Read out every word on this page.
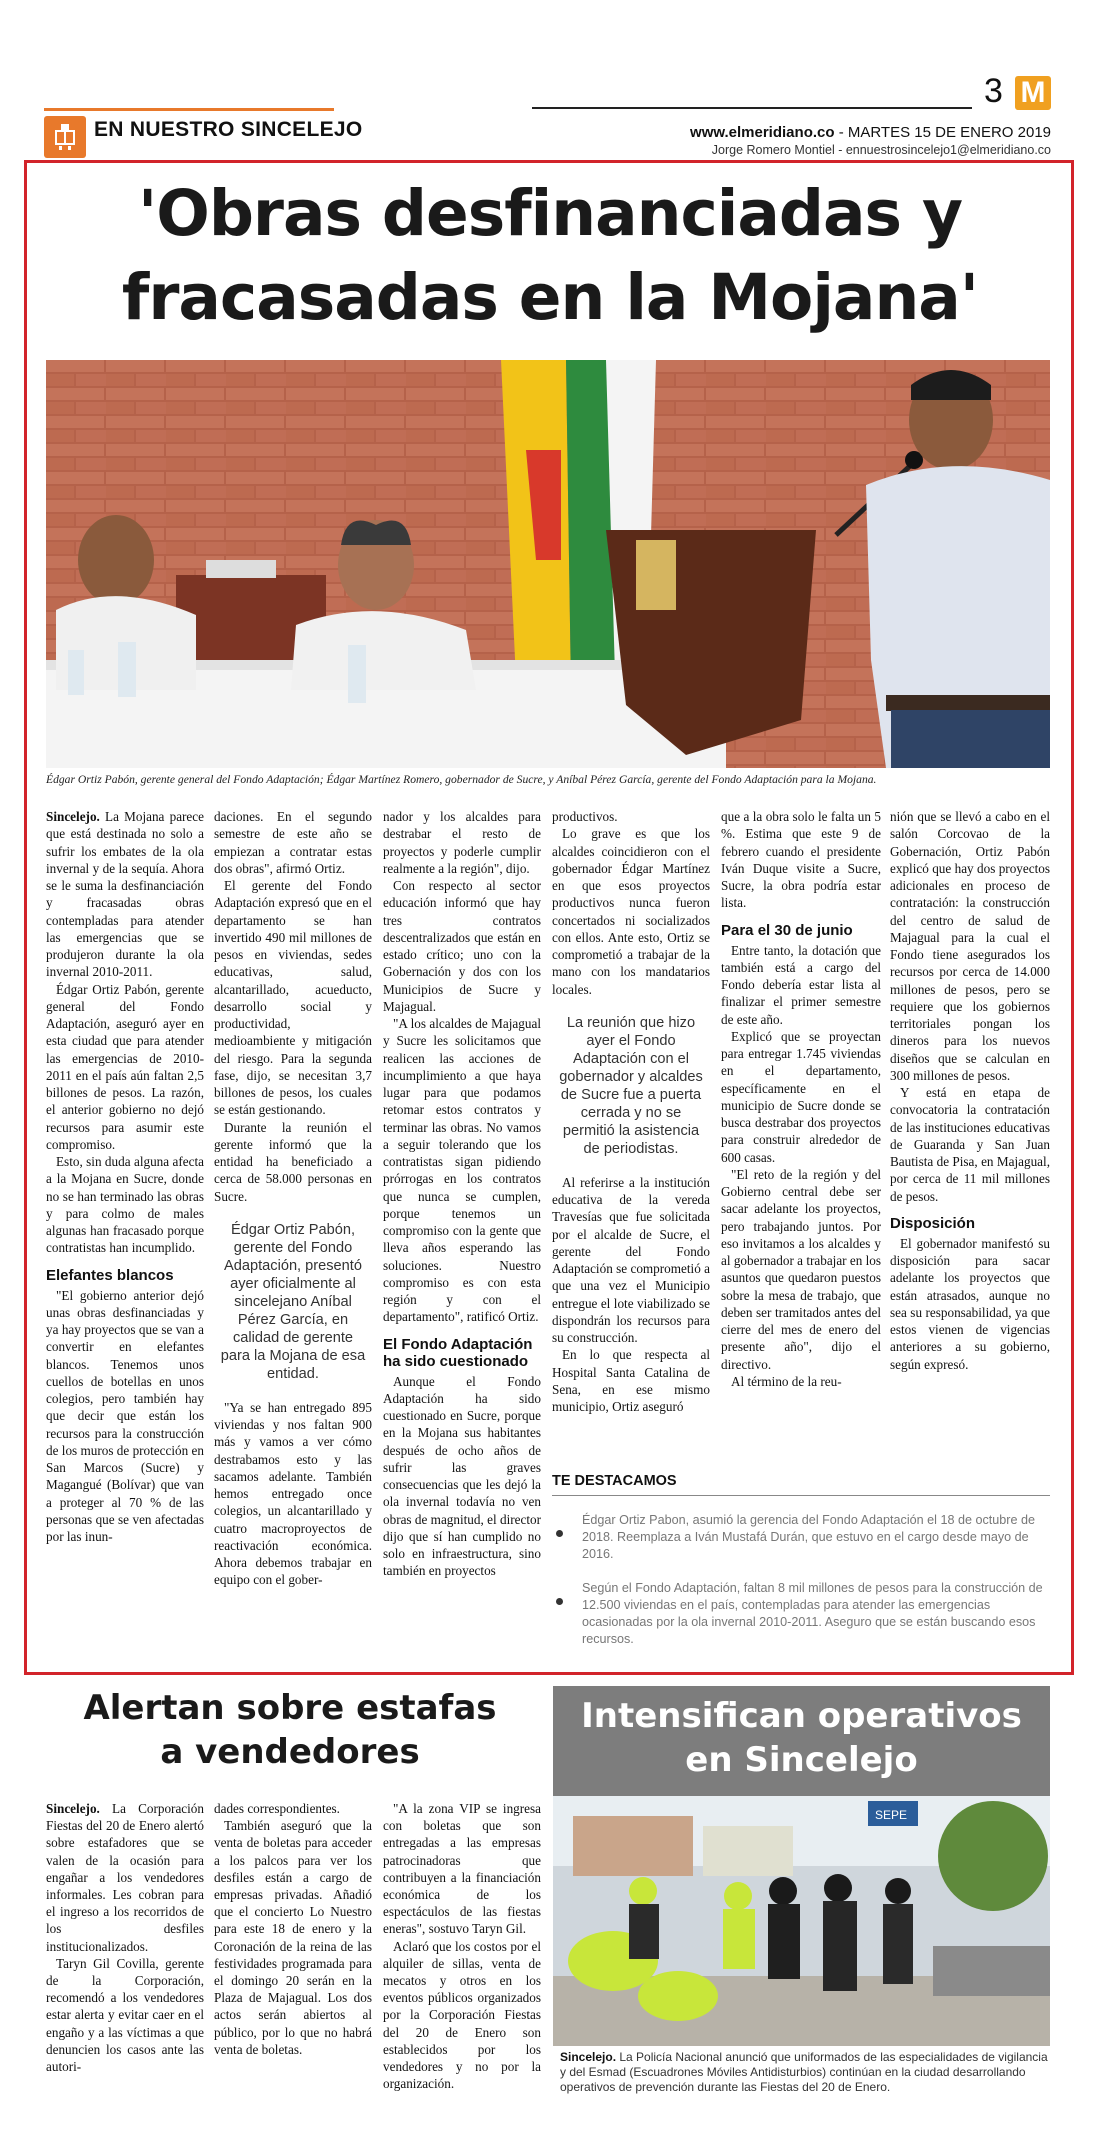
EN NUESTRO SINCELEJO
3 M
www.elmeridiano.co - MARTES 15 DE ENERO 2019
Jorge Romero Montiel - ennuestrosincelejo1@elmeridiano.co
'Obras desfinanciadas y
fracasadas en la Mojana'
Édgar Ortiz Pabón, gerente general del Fondo Adaptación; Édgar Martínez Romero, gobernador de Sucre, y Aníbal Pérez García, gerente del Fondo Adaptación para la Mojana.

Sincelejo. La Mojana parece que está destinada no solo a sufrir los embates de la ola invernal y de la sequía. Ahora se le suma la desfinanciación y fracasadas obras contempladas para atender las emergencias que se produjeron durante la ola invernal 2010-2011.

Édgar Ortiz Pabón, gerente general del Fondo Adaptación, aseguró ayer en esta ciudad que para atender las emergencias de 2010-2011 en el país aún faltan 2,5 billones de pesos. La razón, el anterior gobierno no dejó recursos para asumir este compromiso.

Esto, sin duda alguna afecta a la Mojana en Sucre, donde no se han terminado las obras y para colmo de males algunas han fracasado porque contratistas han incumplido.

Elefantes blancos

"El gobierno anterior dejó unas obras desfinanciadas y ya hay proyectos que se van a convertir en elefantes blancos. Tenemos unos cuellos de botellas en unos colegios, pero también hay que decir que están los recursos para la construcción de los muros de protección en San Marcos (Sucre) y Magangué (Bolívar) que van a proteger al 70 % de las personas que se ven afectadas por las inun-

daciones. En el segundo semestre de este año se empiezan a contratar estas dos obras", afirmó Ortiz.

El gerente del Fondo Adaptación expresó que en el departamento se han invertido 490 mil millones de pesos en viviendas, sedes educativas, salud, alcantarillado, acueducto, desarrollo social y productividad, medioambiente y mitigación del riesgo. Para la segunda fase, dijo, se necesitan 3,7 billones de pesos, los cuales se están gestionando.

Durante la reunión el gerente informó que la entidad ha beneficiado a cerca de 58.000 personas en Sucre.

Édgar Ortiz Pabón, gerente del Fondo Adaptación, presentó ayer oficialmente al sincelejano Aníbal Pérez García, en calidad de gerente para la Mojana de esa entidad.

"Ya se han entregado 895 viviendas y nos faltan 900 más y vamos a ver cómo destrabamos esto y las sacamos adelante. También hemos entregado once colegios, un alcantarillado y cuatro macroproyectos de reactivación económica. Ahora debemos trabajar en equipo con el gober-

nador y los alcaldes para destrabar el resto de proyectos y poderle cumplir realmente a la región", dijo.

Con respecto al sector educación informó que hay tres contratos descentralizados que están en estado crítico; uno con la Gobernación y dos con los Municipios de Sucre y Majagual.

"A los alcaldes de Majagual y Sucre les solicitamos que realicen las acciones de incumplimiento a que haya lugar para que podamos retomar estos contratos y terminar las obras. No vamos a seguir tolerando que los contratistas sigan pidiendo prórrogas en los contratos que nunca se cumplen, porque tenemos un compromiso con la gente que lleva años esperando las soluciones. Nuestro compromiso es con esta región y con el departamento", ratificó Ortiz.

El Fondo Adaptación ha sido cuestionado

Aunque el Fondo Adaptación ha sido cuestionado en Sucre, porque en la Mojana sus habitantes después de ocho años de sufrir las graves consecuencias que les dejó la ola invernal todavía no ven obras de magnitud, el director dijo que sí han cumplido no solo en infraestructura, sino también en proyectos

productivos.

Lo grave es que los alcaldes coincidieron con el gobernador Édgar Martínez en que esos proyectos productivos nunca fueron concertados ni socializados con ellos. Ante esto, Ortiz se comprometió a trabajar de la mano con los mandatarios locales.

La reunión que hizo ayer el Fondo Adaptación con el gobernador y alcaldes de Sucre fue a puerta cerrada y no se permitió la asistencia de periodistas.

Al referirse a la institución educativa de la vereda Travesías que fue solicitada por el alcalde de Sucre, el gerente del Fondo Adaptación se comprometió a que una vez el Municipio entregue el lote viabilizado se dispondrán los recursos para su construcción.

En lo que respecta al Hospital Santa Catalina de Sena, en ese mismo municipio, Ortiz aseguró

que a la obra solo le falta un 5 %. Estima que este 9 de febrero cuando el presidente Iván Duque visite a Sucre, Sucre, la obra podría estar lista.

Para el 30 de junio

Entre tanto, la dotación que también está a cargo del Fondo debería estar lista al finalizar el primer semestre de este año.

Explicó que se proyectan para entregar 1.745 viviendas en el departamento, específicamente en el municipio de Sucre donde se busca destrabar dos proyectos para construir alrededor de 600 casas.

"El reto de la región y del Gobierno central debe ser sacar adelante los proyectos, pero trabajando juntos. Por eso invitamos a los alcaldes y al gobernador a trabajar en los asuntos que quedaron puestos sobre la mesa de trabajo, que deben ser tramitados antes del cierre del mes de enero del presente año", dijo el directivo.

Al término de la reu-

nión que se llevó a cabo en el salón Corcovao de la Gobernación, Ortiz Pabón explicó que hay dos proyectos adicionales en proceso de contratación: la construcción del centro de salud de Majagual para la cual el Fondo tiene asegurados los recursos por cerca de 14.000 millones de pesos, pero se requiere que los gobiernos territoriales pongan los dineros para los nuevos diseños que se calculan en 300 millones de pesos.

Y está en etapa de convocatoria la contratación de las instituciones educativas de Guaranda y San Juan Bautista de Pisa, en Majagual, por cerca de 11 mil millones de pesos.

Disposición

El gobernador manifestó su disposición para sacar adelante los proyectos que están atrasados, aunque no sea su responsabilidad, ya que estos vienen de vigencias anteriores a su gobierno, según expresó.

TE DESTACAMOS
Édgar Ortiz Pabon, asumió la gerencia del Fondo Adaptación el 18 de octubre de 2018. Reemplaza a Iván Mustafá Durán, que estuvo en el cargo desde mayo de 2016.
Según el Fondo Adaptación, faltan 8 mil millones de pesos para la construcción de 12.500 viviendas en el país, contempladas para atender las emergencias ocasionadas por la ola invernal 2010-2011. Aseguro que se están buscando esos recursos.
Alertan sobre estafas
a vendedores

Sincelejo. La Corporación Fiestas del 20 de Enero alertó sobre estafadores que se valen de la ocasión para engañar a los vendedores informales. Les cobran para el ingreso a los recorridos de los desfiles institucionalizados.

Taryn Gil Covilla, gerente de la Corporación, recomendó a los vendedores estar alerta y evitar caer en el engaño y a las víctimas a que denuncien los casos ante las autori-

dades correspondientes.

También aseguró que la venta de boletas para acceder a los palcos para ver los desfiles están a cargo de empresas privadas. Añadió que el concierto Lo Nuestro para este 18 de enero y la Coronación de la reina de las festividades programada para el domingo 20 serán en la Plaza de Majagual. Los dos actos serán abiertos al público, por lo que no habrá venta de boletas.

"A la zona VIP se ingresa con boletas que son entregadas a las empresas patrocinadoras que contribuyen a la financiación económica de los espectáculos de las fiestas eneras", sostuvo Taryn Gil.

Aclaró que los costos por el alquiler de sillas, venta de mecatos y otros en los eventos públicos organizados por la Corporación Fiestas del 20 de Enero son establecidos por los vendedores y no por la organización.

Intensifican operativos
en Sincelejo
SEPE
Sincelejo. La Policía Nacional anunció que uniformados de las especialidades de vigilancia y del Esmad (Escuadrones Móviles Antidisturbios) continúan en la ciudad desarrollando operativos de prevención durante las Fiestas del 20 de Enero.
